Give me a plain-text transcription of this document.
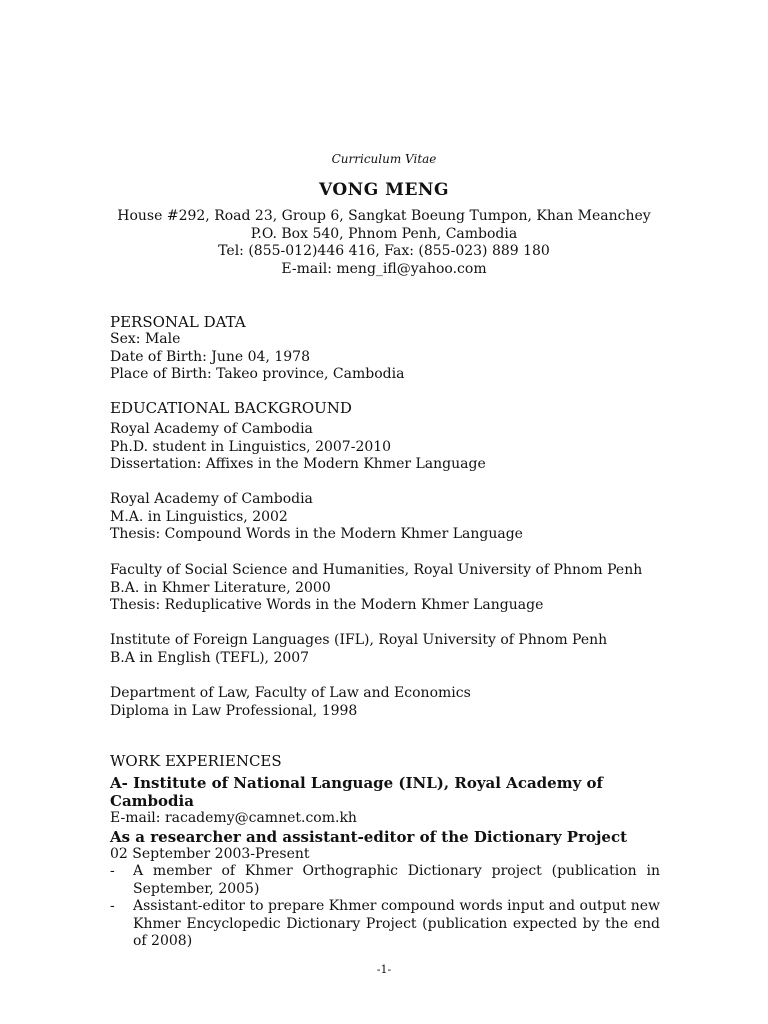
Curriculum Vitae
VONG MENG
House #292, Road 23, Group 6, Sangkat Boeung Tumpon, Khan Meanchey
P.O. Box 540, Phnom Penh, Cambodia
Tel: (855-012)446 416, Fax: (855-023) 889 180
E-mail: meng_ifl@yahoo.com
PERSONAL DATA
Sex: Male
Date of Birth: June 04, 1978
Place of Birth: Takeo province, Cambodia
EDUCATIONAL BACKGROUND
Royal Academy of Cambodia
Ph.D. student in Linguistics, 2007-2010
Dissertation: Affixes in the Modern Khmer Language
Royal Academy of Cambodia
M.A. in Linguistics, 2002
Thesis: Compound Words in the Modern Khmer Language
Faculty of Social Science and Humanities, Royal University of Phnom Penh
B.A. in Khmer Literature, 2000
Thesis: Reduplicative Words in the Modern Khmer Language
Institute of Foreign Languages (IFL), Royal University of Phnom Penh
B.A in English (TEFL), 2007
Department of Law, Faculty of Law and Economics
Diploma in Law Professional, 1998
WORK EXPERIENCES
A- Institute of National Language (INL), Royal Academy of Cambodia
E-mail: racademy@camnet.com.kh
As a researcher and assistant-editor of the Dictionary Project
02 September 2003-Present
- A member of Khmer Orthographic Dictionary project (publication in September, 2005)
- Assistant-editor to prepare Khmer compound words input and output new Khmer Encyclopedic Dictionary Project (publication expected by the end of 2008)
-1-
